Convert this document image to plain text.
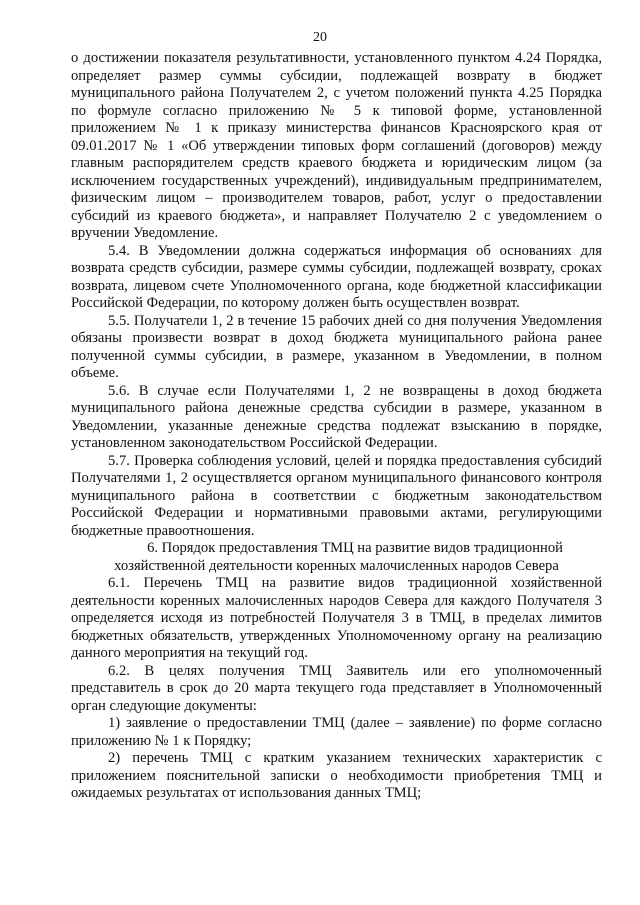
20

о достижении показателя результативности, установленного пунктом 4.24 Порядка, определяет размер суммы субсидии, подлежащей возврату в бюджет муниципального района Получателем 2, с учетом положений пункта 4.25 Порядка по формуле согласно приложению № 5 к типовой форме, установленной приложением № 1 к приказу министерства финансов Красноярского края от 09.01.2017 № 1 «Об утверждении типовых форм соглашений (договоров) между главным распорядителем средств краевого бюджета и юридическим лицом (за исключением государственных учреждений), индивидуальным предпринимателем, физическим лицом – производителем товаров, работ, услуг о предоставлении субсидий из краевого бюджета», и направляет Получателю 2 с уведомлением о вручении Уведомление.

5.4. В Уведомлении должна содержаться информация об основаниях для возврата средств субсидии, размере суммы субсидии, подлежащей возврату, сроках возврата, лицевом счете Уполномоченного органа, коде бюджетной классификации Российской Федерации, по которому должен быть осуществлен возврат.

5.5. Получатели 1, 2 в течение 15 рабочих дней со дня получения Уведомления обязаны произвести возврат в доход бюджета муниципального района ранее полученной суммы субсидии, в размере, указанном в Уведомлении, в полном объеме.

5.6. В случае если Получателями 1, 2 не возвращены в доход бюджета муниципального района денежные средства субсидии в размере, указанном в Уведомлении, указанные денежные средства подлежат взысканию в порядке, установленном законодательством Российской Федерации.

5.7. Проверка соблюдения условий, целей и порядка предоставления субсидий Получателями 1, 2 осуществляется органом муниципального финансового контроля муниципального района в соответствии с бюджетным законодательством Российской Федерации и нормативными правовыми актами, регулирующими бюджетные правоотношения.

6. Порядок предоставления ТМЦ на развитие видов традиционной хозяйственной деятельности коренных малочисленных народов Севера

6.1. Перечень ТМЦ на развитие видов традиционной хозяйственной деятельности коренных малочисленных народов Севера для каждого Получателя 3 определяется исходя из потребностей Получателя 3 в ТМЦ, в пределах лимитов бюджетных обязательств, утвержденных Уполномоченному органу на реализацию данного мероприятия на текущий год.

6.2. В целях получения ТМЦ Заявитель или его уполномоченный представитель в срок до 20 марта текущего года представляет в Уполномоченный орган следующие документы:

1) заявление о предоставлении ТМЦ (далее – заявление) по форме согласно приложению № 1 к Порядку;

2) перечень ТМЦ с кратким указанием технических характеристик с приложением пояснительной записки о необходимости приобретения ТМЦ и ожидаемых результатах от использования данных ТМЦ;
